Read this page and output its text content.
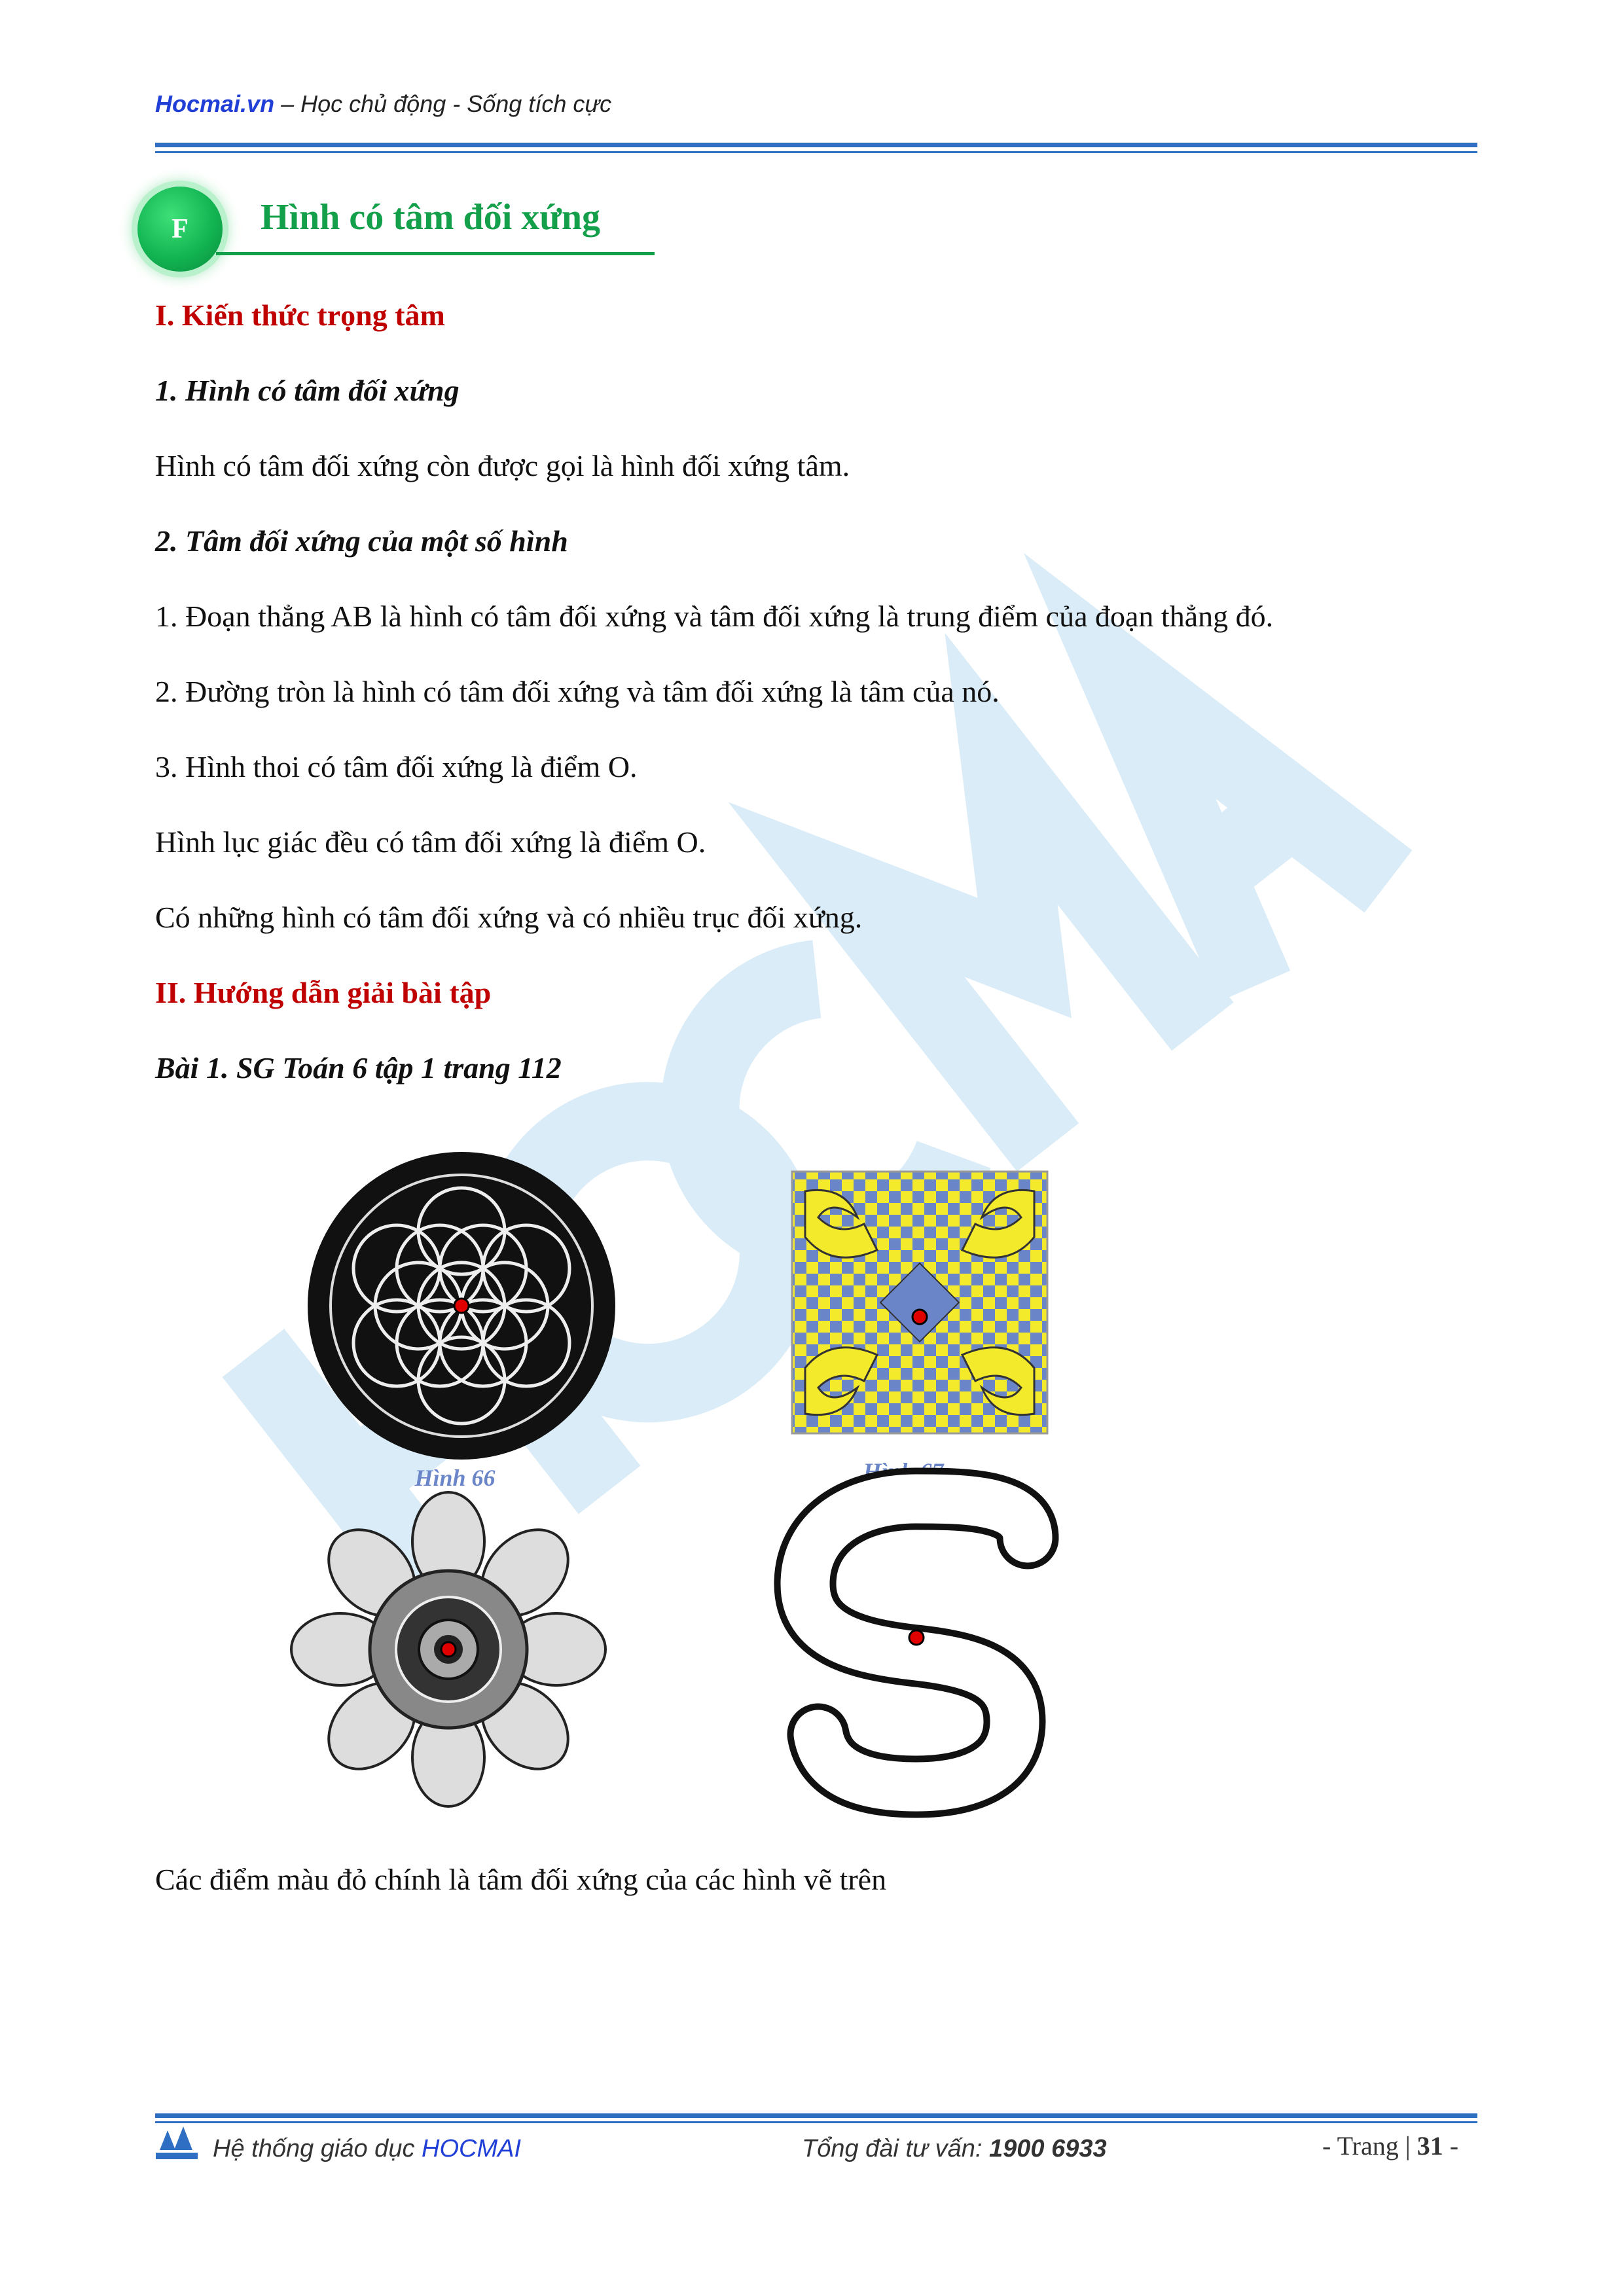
Hocmai.vn – Học chủ động - Sống tích cực
F	Hình có tâm đối xứng
I. Kiến thức trọng tâm
1. Hình có tâm đối xứng
Hình có tâm đối xứng còn được gọi là hình đối xứng tâm.
2. Tâm đối xứng của một số hình
1. Đoạn thẳng AB là hình có tâm đối xứng và tâm đối xứng là trung điểm của đoạn thẳng đó.
2. Đường tròn là hình có tâm đối xứng và tâm đối xứng là tâm của nó.
3. Hình thoi có tâm đối xứng là điểm O.
Hình lục giác đều có tâm đối xứng là điểm O.
Có những hình có tâm đối xứng và có nhiều trục đối xứng.
II. Hướng dẫn giải bài tập
Bài 1. SG Toán 6 tập 1 trang 112
Hình 66	Hình 67
Các điểm màu đỏ chính là tâm đối xứng của các hình vẽ trên
Hệ thống giáo dục HOCMAI	Tổng đài tư vấn: 1900 6933	- Trang | 31 -
